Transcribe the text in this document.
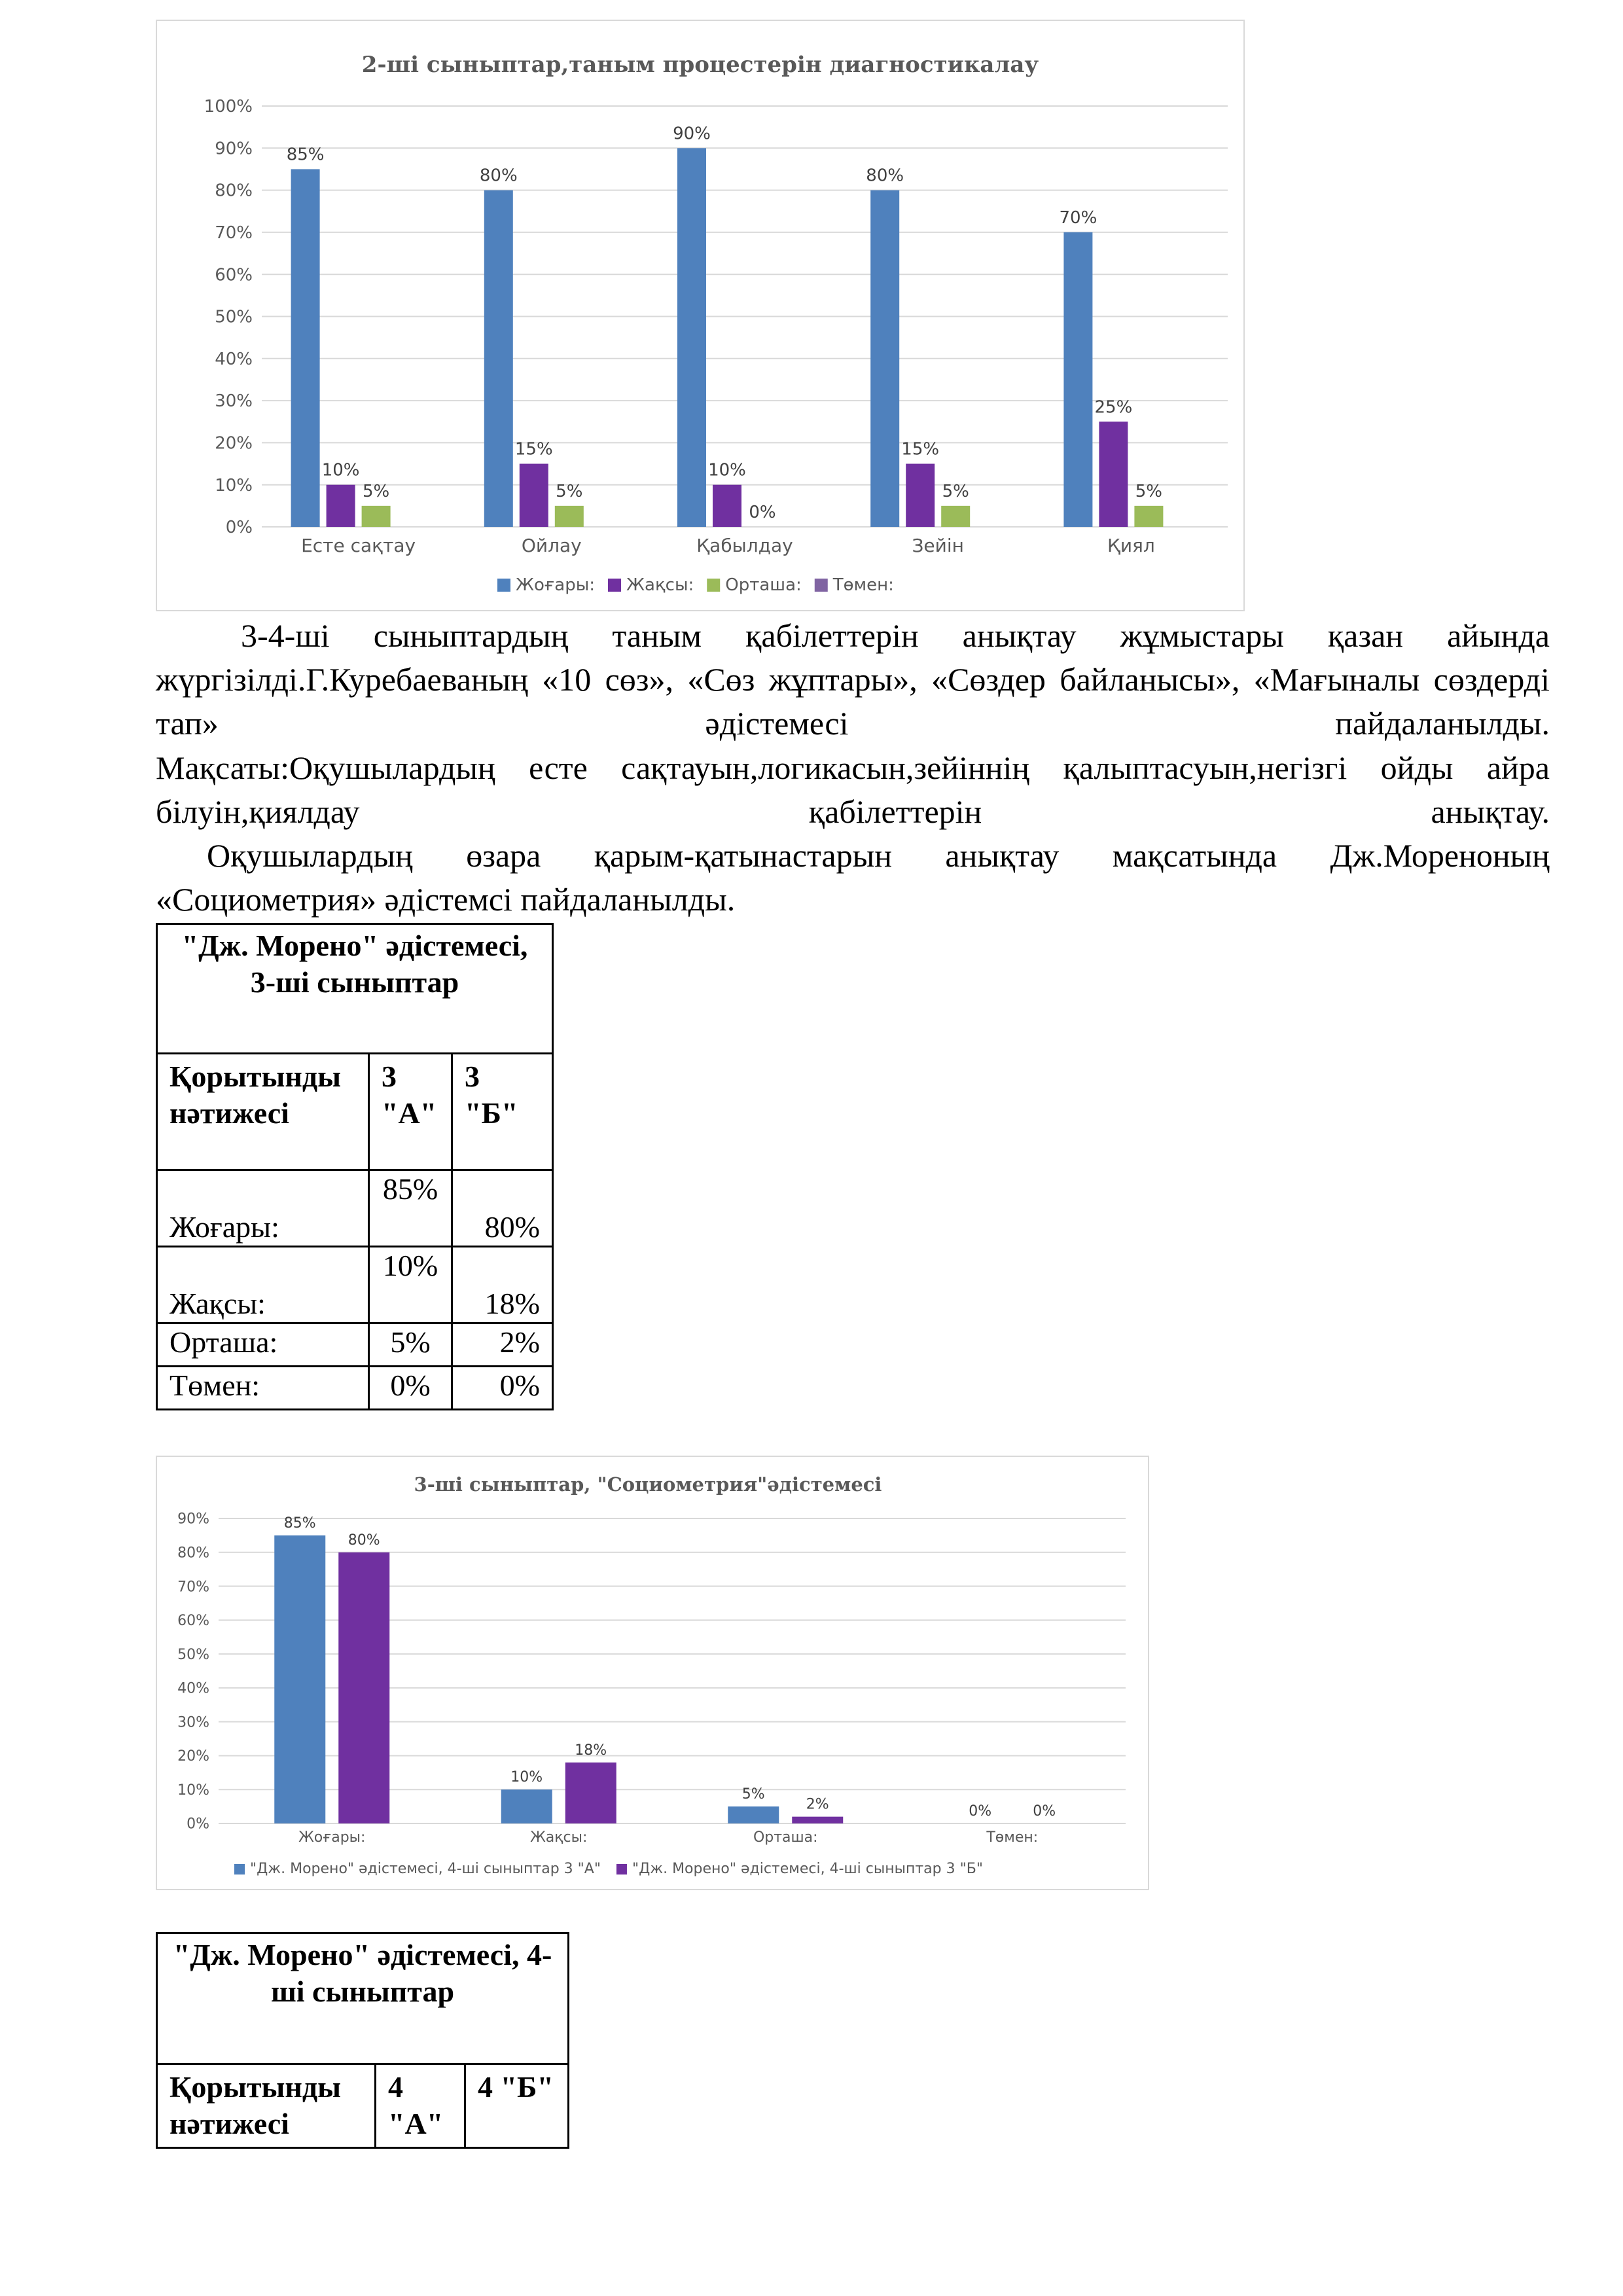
2-ші сыныптар,таным процестерін диагностикалау
0%
10%
20%
30%
40%
50%
60%
70%
80%
90%
100%
85%
10%
5%
Есте сақтау
80%
15%
5%
Ойлау
90%
10%
0%
Қабылдау
80%
15%
5%
Зейін
70%
25%
5%
Қиял
Жоғары: Жақсы: Орташа: Төмен:

3-4-ші сыныптардың таным қабілеттерін анықтау жұмыстары қазан айында жүргізілді.Г.Куребаеваның «10 сөз», «Сөз жұптары», «Сөздер байланысы», «Мағыналы сөздерді тап» әдістемесі пайдаланылды.

Мақсаты:Оқушылардың есте сақтауын,логикасын,зейіннің қалыптасуын,негізгі ойды айра білуін,қиялдау қабілеттерін анықтау.

Оқушылардың өзара қарым-қатынастарын анықтау мақсатында Дж.Мореноның «Социометрия» әдістемсі пайдаланылды.

"Дж. Морено" әдістемесі, 3-ші сыныптар		
Қорытынды нәтижесі	3 "А"	3 "Б"
Жоғары:	85%	80%
Жақсы:	10%	18%
Орташа:	5%	2%
Төмен:	0%	0%
3-ші сыныптар, "Социометрия"әдістемесі
0%
10%
20%
30%
40%
50%
60%
70%
80%
90%	85%
80%
Жоғары:
10%
18%
Жақсы:
5%
2%
Орташа:
0%	0%
Төмен:
"Дж. Морено" әдістемесі, 4-ші сыныптар 3 "А" "Дж. Морено" әдістемесі, 4-ші сыныптар 3 "Б"
"Дж. Морено" әдістемесі, 4-ші сыныптар
Қорытынды нәтижесі	4 "А"	4 "Б"
